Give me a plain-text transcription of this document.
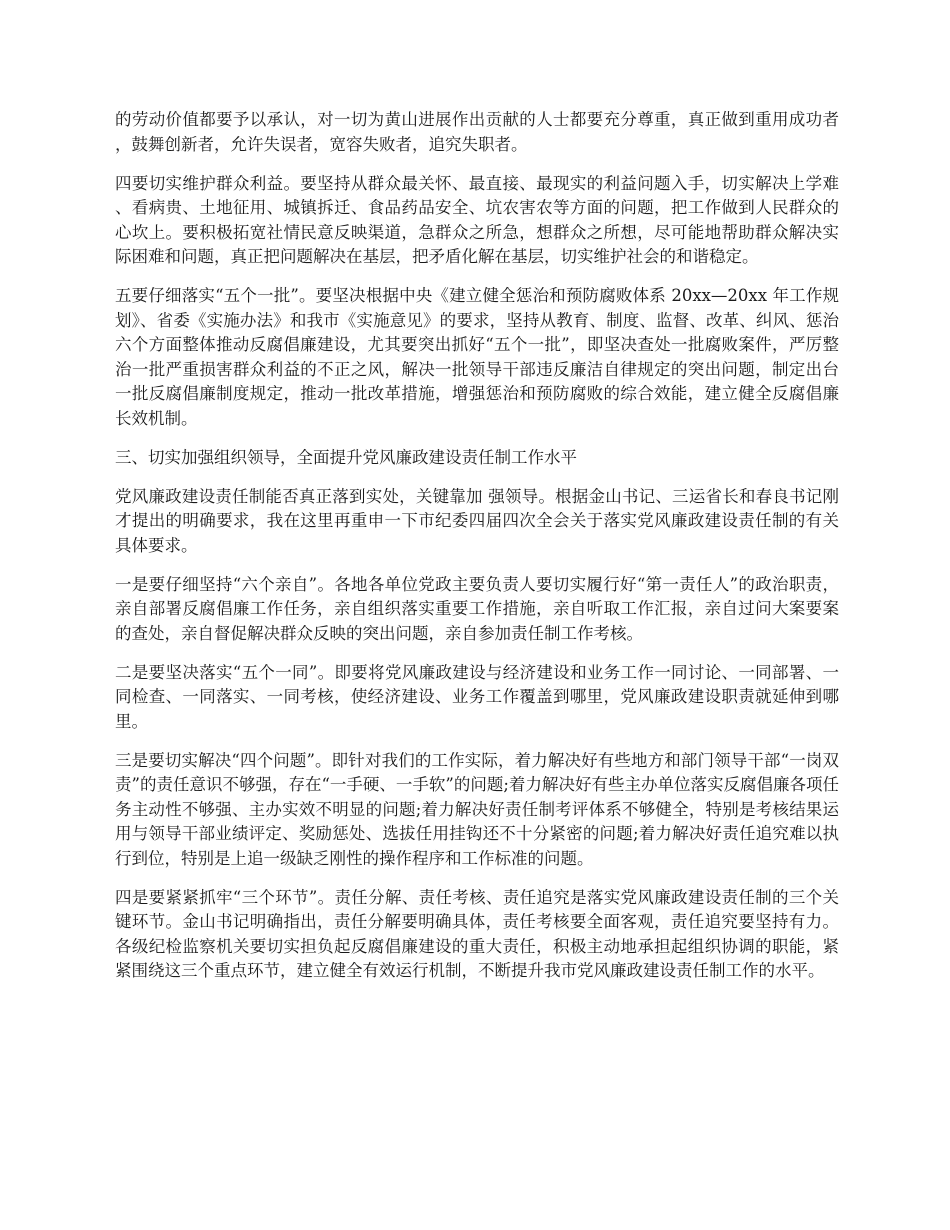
的劳动价值都要予以承认，对一切为黄山进展作出贡献的人士都要充分尊重，真正做到重用成功者，鼓舞创新者，允许失误者，宽容失败者，追究失职者。

四要切实维护群众利益。要坚持从群众最关怀、最直接、最现实的利益问题入手，切实解决上学难、看病贵、土地征用、城镇拆迁、食品药品安全、坑农害农等方面的问题，把工作做到人民群众的心坎上。要积极拓宽社情民意反映渠道，急群众之所急，想群众之所想，尽可能地帮助群众解决实际困难和问题，真正把问题解决在基层，把矛盾化解在基层，切实维护社会的和谐稳定。

五要仔细落实“五个一批”。要坚决根据中央《建立健全惩治和预防腐败体系 20xx—20xx 年工作规划》、省委《实施办法》和我市《实施意见》的要求，坚持从教育、制度、监督、改革、纠风、惩治六个方面整体推动反腐倡廉建设，尤其要突出抓好“五个一批”，即坚决查处一批腐败案件，严厉整治一批严重损害群众利益的不正之风，解决一批领导干部违反廉洁自律规定的突出问题，制定出台一批反腐倡廉制度规定，推动一批改革措施，增强惩治和预防腐败的综合效能，建立健全反腐倡廉长效机制。

三、切实加强组织领导，全面提升党风廉政建设责任制工作水平

党风廉政建设责任制能否真正落到实处，关键靠加 强领导。根据金山书记、三运省长和春良书记刚才提出的明确要求，我在这里再重申一下市纪委四届四次全会关于落实党风廉政建设责任制的有关具体要求。

一是要仔细坚持“六个亲自”。各地各单位党政主要负责人要切实履行好“第一责任人”的政治职责，亲自部署反腐倡廉工作任务，亲自组织落实重要工作措施，亲自听取工作汇报，亲自过问大案要案的查处，亲自督促解决群众反映的突出问题，亲自参加责任制工作考核。

二是要坚决落实“五个一同”。即要将党风廉政建设与经济建设和业务工作一同讨论、一同部署、一同检查、一同落实、一同考核，使经济建设、业务工作覆盖到哪里，党风廉政建设职责就延伸到哪里。

三是要切实解决“四个问题”。即针对我们的工作实际，着力解决好有些地方和部门领导干部“一岗双责”的责任意识不够强，存在“一手硬、一手软”的问题;着力解决好有些主办单位落实反腐倡廉各项任务主动性不够强、主办实效不明显的问题;着力解决好责任制考评体系不够健全，特别是考核结果运用与领导干部业绩评定、奖励惩处、选拔任用挂钩还不十分紧密的问题;着力解决好责任追究难以执行到位，特别是上追一级缺乏刚性的操作程序和工作标准的问题。

四是要紧紧抓牢“三个环节”。责任分解、责任考核、责任追究是落实党风廉政建设责任制的三个关键环节。金山书记明确指出，责任分解要明确具体，责任考核要全面客观，责任追究要坚持有力。各级纪检监察机关要切实担负起反腐倡廉建设的重大责任，积极主动地承担起组织协调的职能，紧紧围绕这三个重点环节，建立健全有效运行机制，不断提升我市党风廉政建设责任制工作的水平。
